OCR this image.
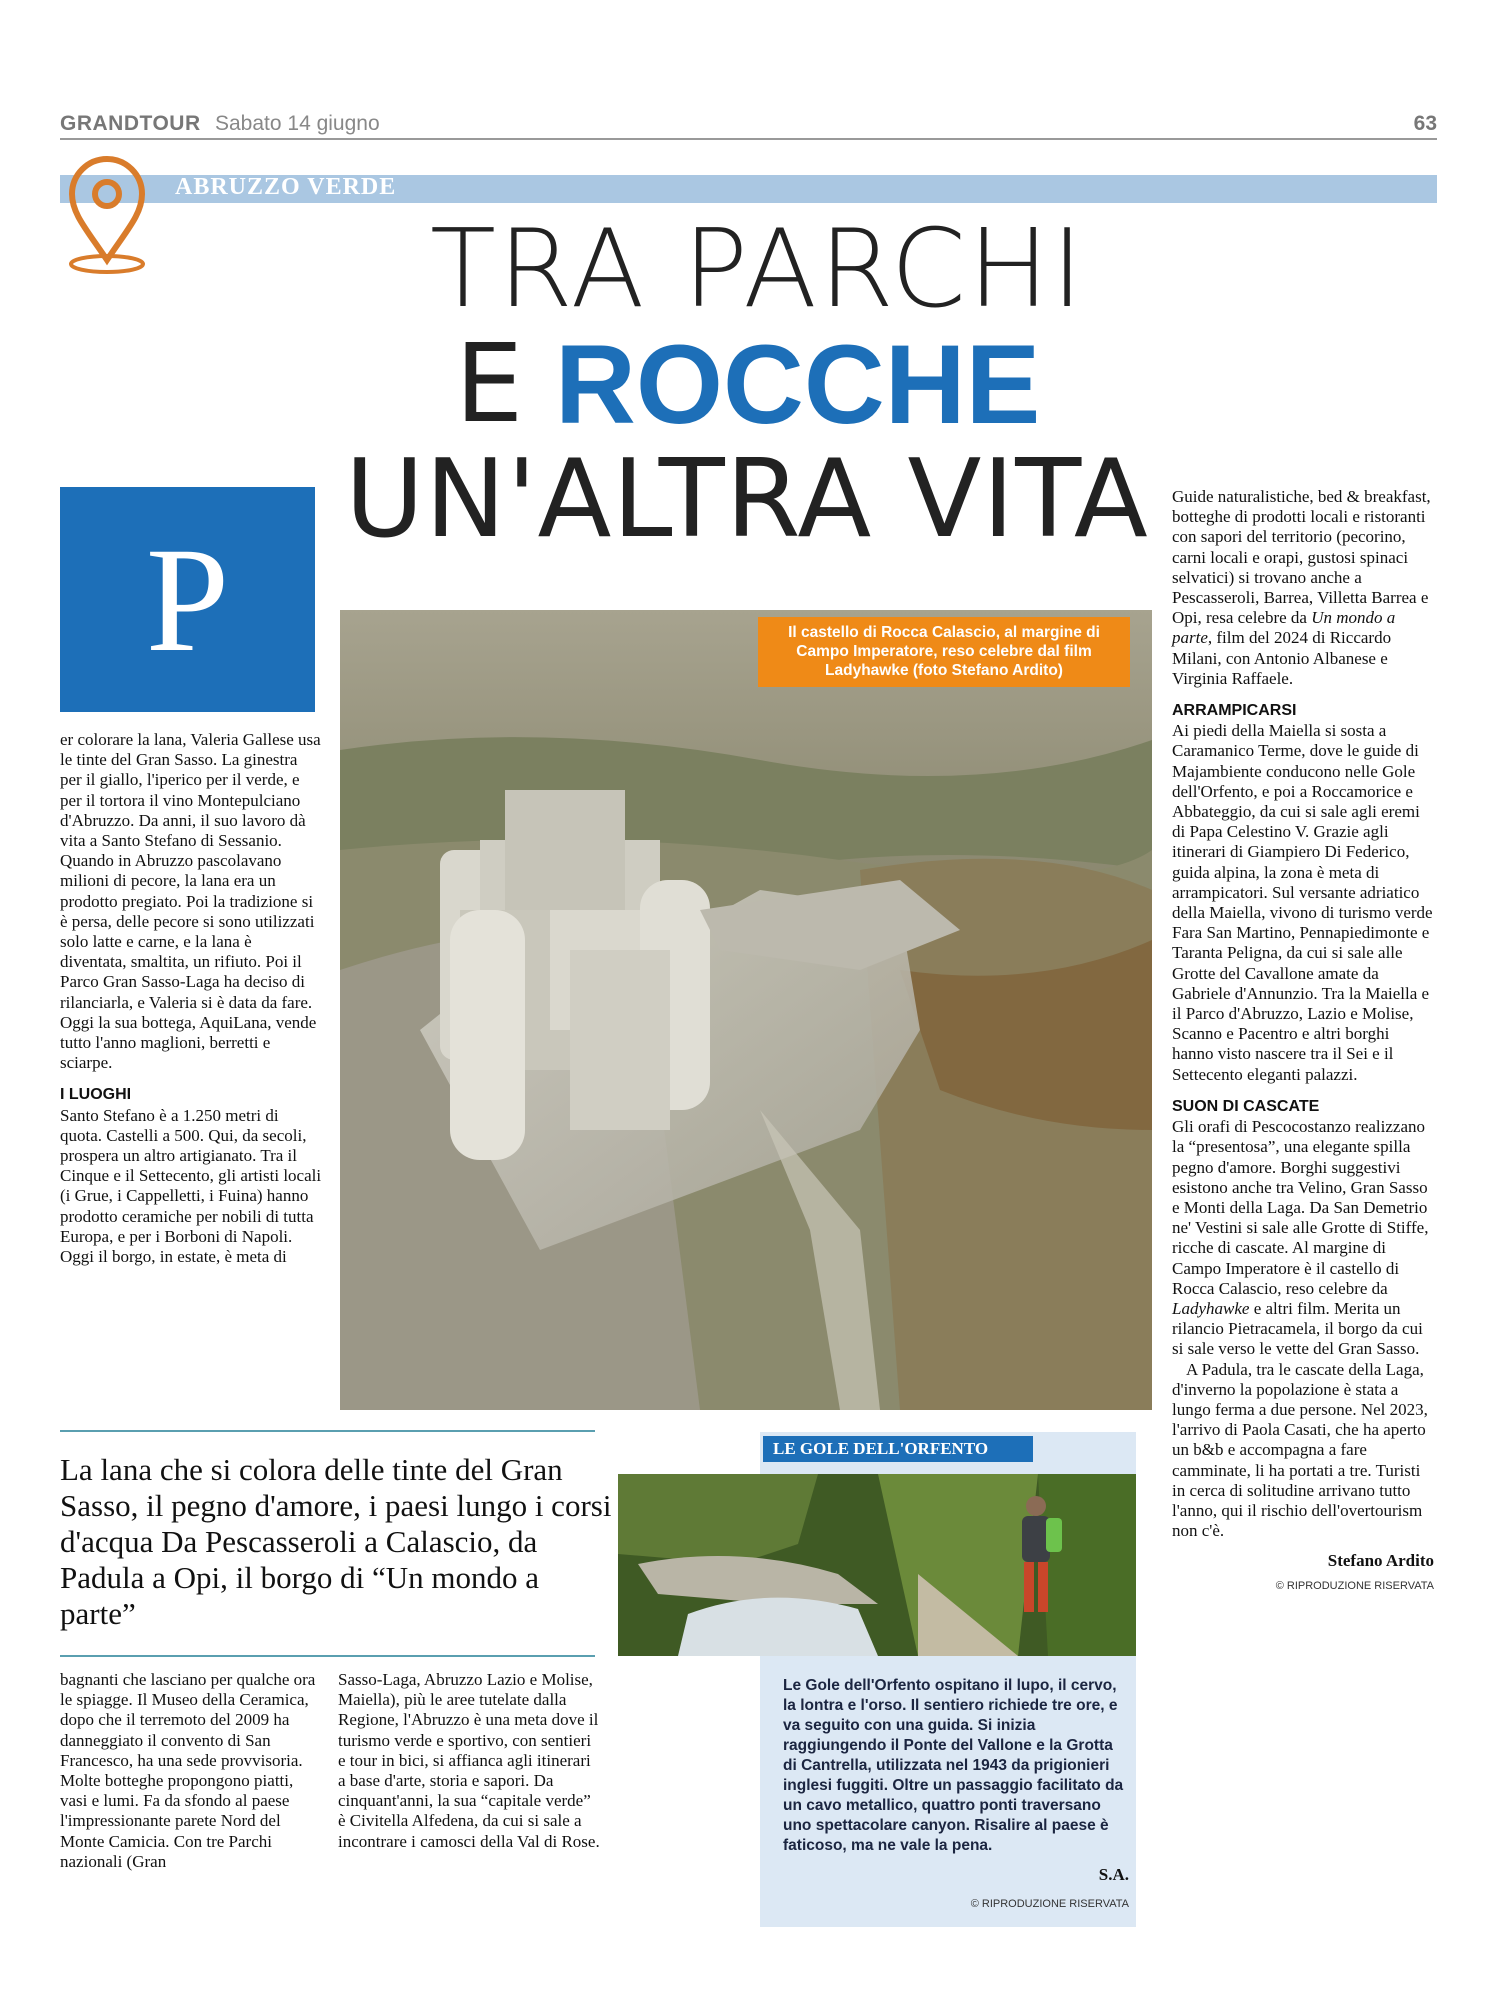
GRANDTOUR Sabato 14 giugno	63
ABRUZZO VERDE
TRA PARCHI
E ROCCHE
UN'ALTRA VITA
P

er colorare la lana, Valeria Gallese usa le tinte del Gran Sasso. La ginestra per il giallo, l'iperico per il verde, e per il tortora il vino Montepulciano d'Abruzzo. Da anni, il suo lavoro dà vita a Santo Stefano di Sessanio. Quando in Abruzzo pascolavano milioni di pecore, la lana era un prodotto pregiato. Poi la tradizione si è persa, delle pecore si sono utilizzati solo latte e carne, e la lana è diventata, smaltita, un rifiuto. Poi il Parco Gran Sasso-Laga ha deciso di rilanciarla, e Valeria si è data da fare. Oggi la sua bottega, AquiLana, vende tutto l'anno maglioni, berretti e sciarpe.

I LUOGHI

Santo Stefano è a 1.250 metri di quota. Castelli a 500. Qui, da secoli, prospera un altro artigianato. Tra il Cinque e il Settecento, gli artisti locali (i Grue, i Cappelletti, i Fuina) hanno prodotto ceramiche per nobili di tutta Europa, e per i Borboni di Napoli. Oggi il borgo, in estate, è meta di

Il castello di Rocca Calascio, al margine di Campo Imperatore, reso celebre dal film Ladyhawke (foto Stefano Ardito)
La lana che si colora delle tinte del Gran Sasso, il pegno d'amore, i paesi lungo i corsi d'acqua Da Pescasseroli a Calascio, da Padula a Opi, il borgo di “Un mondo a parte”

bagnanti che lasciano per qualche ora le spiagge. Il Museo della Ceramica, dopo che il terremoto del 2009 ha danneggiato il convento di San Francesco, ha una sede provvisoria. Molte botteghe propongono piatti, vasi e lumi. Fa da sfondo al paese l'impressionante parete Nord del Monte Camicia. Con tre Parchi nazionali (Gran

Sasso-Laga, Abruzzo Lazio e Molise, Maiella), più le aree tutelate dalla Regione, l'Abruzzo è una meta dove il turismo verde e sportivo, con sentieri e tour in bici, si affianca agli itinerari a base d'arte, storia e sapori. Da cinquant'anni, la sua “capitale verde” è Civitella Alfedena, da cui si sale a incontrare i camosci della Val di Rose.

LE GOLE DELL'ORFENTO
Le Gole dell'Orfento ospitano il lupo, il cervo, la lontra e l'orso. Il sentiero richiede tre ore, e va seguito con una guida. Si inizia raggiungendo il Ponte del Vallone e la Grotta di Cantrella, utilizzata nel 1943 da prigionieri inglesi fuggiti. Oltre un passaggio facilitato da un cavo metallico, quattro ponti traversano uno spettacolare canyon. Risalire al paese è faticoso, ma ne vale la pena.
S.A.
© RIPRODUZIONE RISERVATA

Guide naturalistiche, bed & breakfast, botteghe di prodotti locali e ristoranti con sapori del territorio (pecorino, carni locali e orapi, gustosi spinaci selvatici) si trovano anche a Pescasseroli, Barrea, Villetta Barrea e Opi, resa celebre da Un mondo a parte, film del 2024 di Riccardo Milani, con Antonio Albanese e Virginia Raffaele.

ARRAMPICARSI

Ai piedi della Maiella si sosta a Caramanico Terme, dove le guide di Majambiente conducono nelle Gole dell'Orfento, e poi a Roccamorice e Abbateggio, da cui si sale agli eremi di Papa Celestino V. Grazie agli itinerari di Giampiero Di Federico, guida alpina, la zona è meta di arrampicatori. Sul versante adriatico della Maiella, vivono di turismo verde Fara San Martino, Pennapiedimonte e Taranta Peligna, da cui si sale alle Grotte del Cavallone amate da Gabriele d'Annunzio. Tra la Maiella e il Parco d'Abruzzo, Lazio e Molise, Scanno e Pacentro e altri borghi hanno visto nascere tra il Sei e il Settecento eleganti palazzi.

SUON DI CASCATE

Gli orafi di Pescocostanzo realizzano la “presentosa”, una elegante spilla pegno d'amore. Borghi suggestivi esistono anche tra Velino, Gran Sasso e Monti della Laga. Da San Demetrio ne' Vestini si sale alle Grotte di Stiffe, ricche di cascate. Al margine di Campo Imperatore è il castello di Rocca Calascio, reso celebre da Ladyhawke e altri film. Merita un rilancio Pietracamela, il borgo da cui si sale verso le vette del Gran Sasso.

A Padula, tra le cascate della Laga, d'inverno la popolazione è stata a lungo ferma a due persone. Nel 2023, l'arrivo di Paola Casati, che ha aperto un b&b e accompagna a fare camminate, li ha portati a tre. Turisti in cerca di solitudine arrivano tutto l'anno, qui il rischio dell'overtourism non c'è.

Stefano Ardito

© RIPRODUZIONE RISERVATA
